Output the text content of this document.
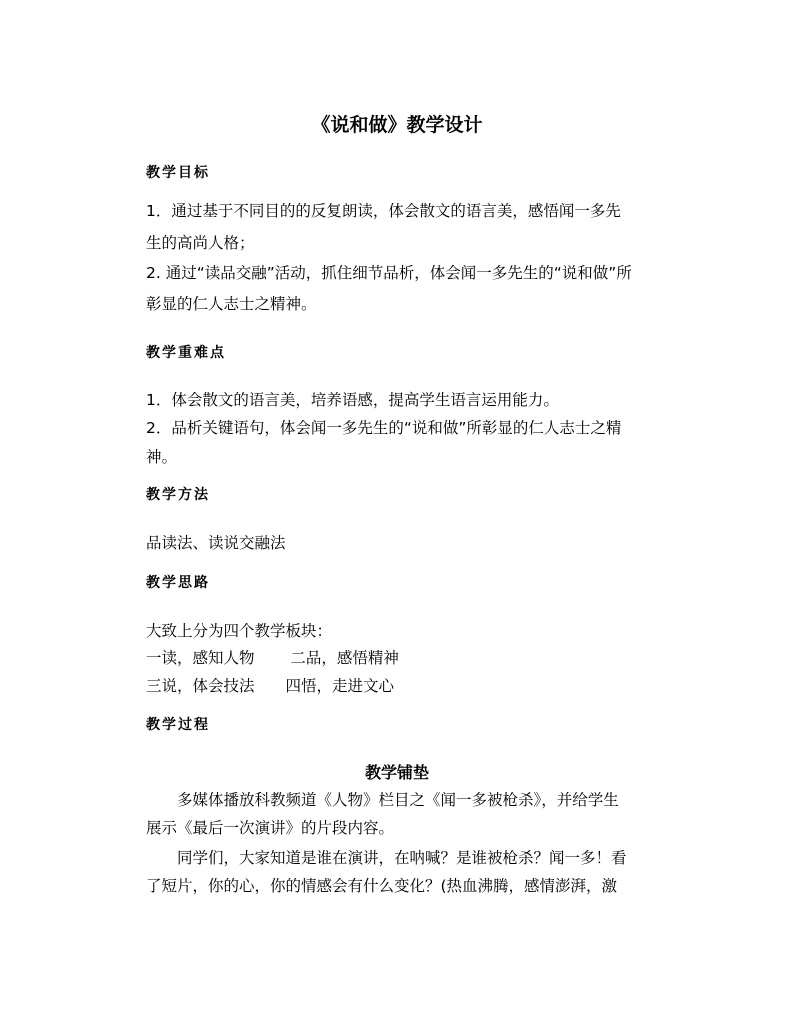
《说和做》教学设计
教学目标
1．通过基于不同目的的反复朗读，体会散文的语言美，感悟闻一多先
生的高尚人格；
2. 通过“读品交融”活动，抓住细节品析，体会闻一多先生的“说和做”所
彰显的仁人志士之精神。
教学重难点
1．体会散文的语言美，培养语感，提高学生语言运用能力。
2．品析关键语句，体会闻一多先生的“说和做”所彰显的仁人志士之精
神。
教学方法
品读法、读说交融法
教学思路
大致上分为四个教学板块：
一读，感知人物　　 二品，感悟精神
三说，体会技法　　四悟，走进文心
教学过程
教学铺垫
　　多媒体播放科教频道《人物》栏目之《闻一多被枪杀》，并给学生
展示《最后一次演讲》的片段内容。
　　同学们，大家知道是谁在演讲，在呐喊？是谁被枪杀？闻一多！看
了短片，你的心，你的情感会有什么变化？(热血沸腾，感情澎湃，激
